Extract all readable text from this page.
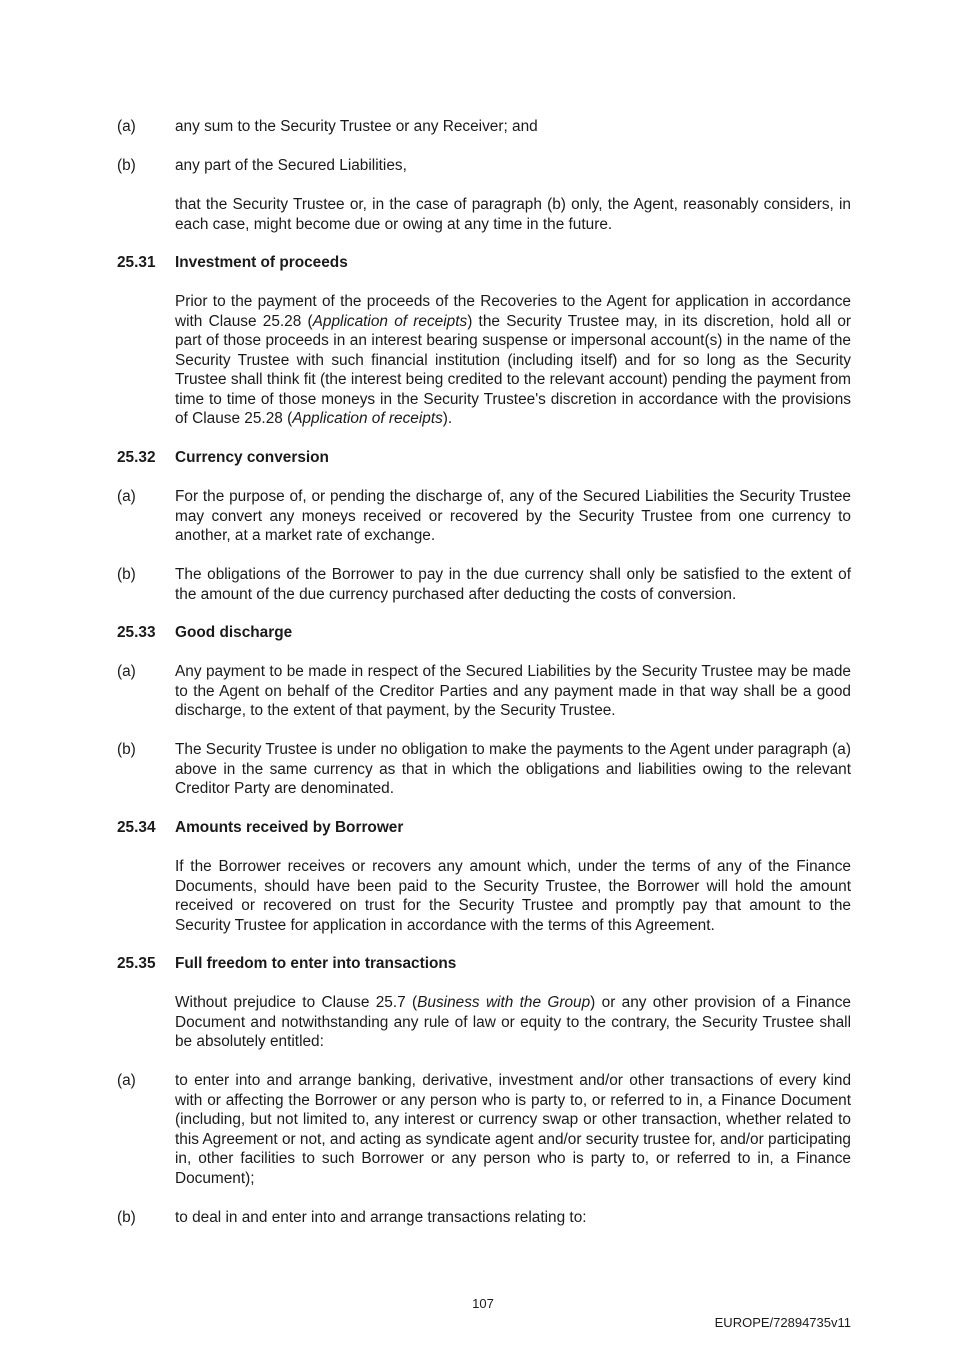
(a)	any sum to the Security Trustee or any Receiver; and
(b)	any part of the Secured Liabilities,
that the Security Trustee or, in the case of paragraph (b) only, the Agent, reasonably considers, in each case, might become due or owing at any time in the future.
25.31	Investment of proceeds
Prior to the payment of the proceeds of the Recoveries to the Agent for application in accordance with Clause 25.28 (Application of receipts) the Security Trustee may, in its discretion, hold all or part of those proceeds in an interest bearing suspense or impersonal account(s) in the name of the Security Trustee with such financial institution (including itself) and for so long as the Security Trustee shall think fit (the interest being credited to the relevant account) pending the payment from time to time of those moneys in the Security Trustee's discretion in accordance with the provisions of Clause 25.28 (Application of receipts).
25.32	Currency conversion
(a)	For the purpose of, or pending the discharge of, any of the Secured Liabilities the Security Trustee may convert any moneys received or recovered by the Security Trustee from one currency to another, at a market rate of exchange.
(b)	The obligations of the Borrower to pay in the due currency shall only be satisfied to the extent of the amount of the due currency purchased after deducting the costs of conversion.
25.33	Good discharge
(a)	Any payment to be made in respect of the Secured Liabilities by the Security Trustee may be made to the Agent on behalf of the Creditor Parties and any payment made in that way shall be a good discharge, to the extent of that payment, by the Security Trustee.
(b)	The Security Trustee is under no obligation to make the payments to the Agent under paragraph (a) above in the same currency as that in which the obligations and liabilities owing to the relevant Creditor Party are denominated.
25.34	Amounts received by Borrower
If the Borrower receives or recovers any amount which, under the terms of any of the Finance Documents, should have been paid to the Security Trustee, the Borrower will hold the amount received or recovered on trust for the Security Trustee and promptly pay that amount to the Security Trustee for application in accordance with the terms of this Agreement.
25.35	Full freedom to enter into transactions
Without prejudice to Clause 25.7 (Business with the Group) or any other provision of a Finance Document and notwithstanding any rule of law or equity to the contrary, the Security Trustee shall be absolutely entitled:
(a)	to enter into and arrange banking, derivative, investment and/or other transactions of every kind with or affecting the Borrower or any person who is party to, or referred to in, a Finance Document (including, but not limited to, any interest or currency swap or other transaction, whether related to this Agreement or not, and acting as syndicate agent and/or security trustee for, and/or participating in, other facilities to such Borrower or any person who is party to, or referred to in, a Finance Document);
(b)	to deal in and enter into and arrange transactions relating to:
107
EUROPE/72894735v11
